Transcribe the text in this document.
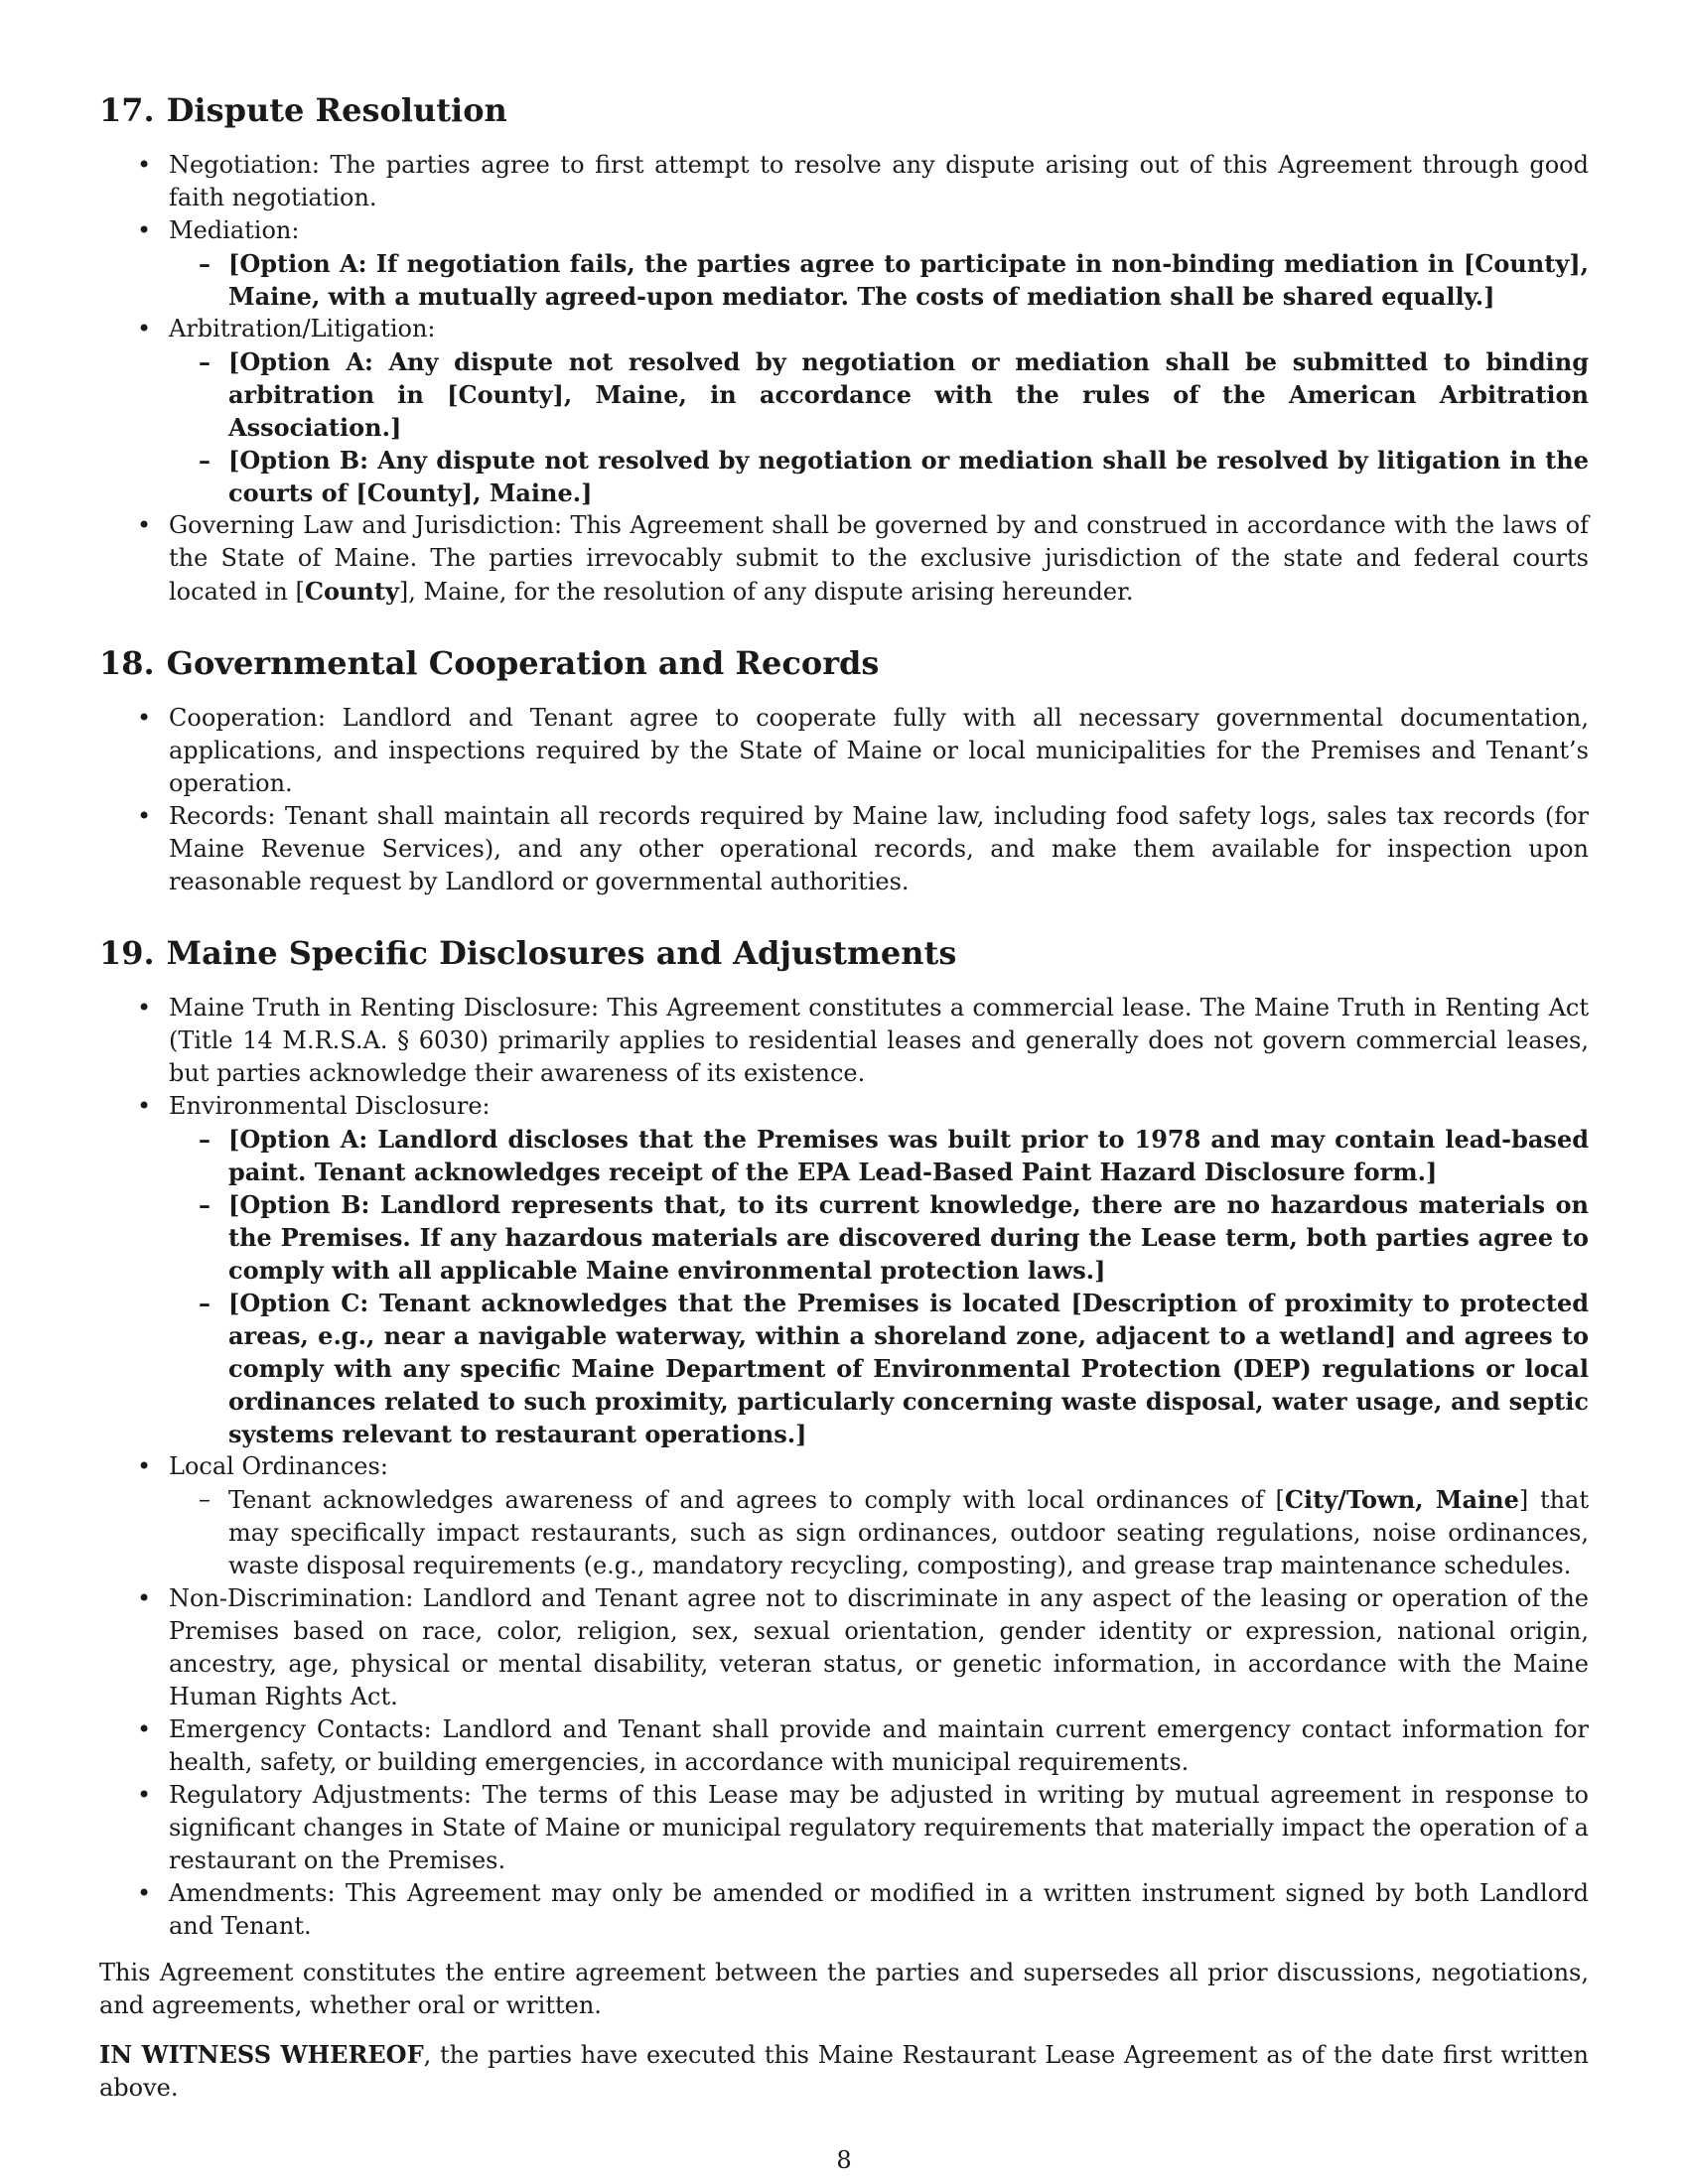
17. Dispute Resolution
• Negotiation: The parties agree to first attempt to resolve any dispute arising out of this Agreement through good faith negotiation.
• Mediation:
– [Option A: If negotiation fails, the parties agree to participate in non-binding mediation in [County], Maine, with a mutually agreed-upon mediator. The costs of mediation shall be shared equally.]
• Arbitration/Litigation:
– [Option A: Any dispute not resolved by negotiation or mediation shall be submitted to binding arbitration in [County], Maine, in accordance with the rules of the American Arbitration Association.]
– [Option B: Any dispute not resolved by negotiation or mediation shall be resolved by litigation in the courts of [County], Maine.]
• Governing Law and Jurisdiction: This Agreement shall be governed by and construed in accordance with the laws of the State of Maine. The parties irrevocably submit to the exclusive jurisdiction of the state and federal courts located in [County], Maine, for the resolution of any dispute arising hereunder.
18. Governmental Cooperation and Records
• Cooperation: Landlord and Tenant agree to cooperate fully with all necessary governmental documentation, applications, and inspections required by the State of Maine or local municipalities for the Premises and Tenant’s operation.
• Records: Tenant shall maintain all records required by Maine law, including food safety logs, sales tax records (for Maine Revenue Services), and any other operational records, and make them available for inspection upon reasonable request by Landlord or governmental authorities.
19. Maine Specific Disclosures and Adjustments
• Maine Truth in Renting Disclosure: This Agreement constitutes a commercial lease. The Maine Truth in Renting Act (Title 14 M.R.S.A. § 6030) primarily applies to residential leases and generally does not govern commercial leases, but parties acknowledge their awareness of its existence.
• Environmental Disclosure:
– [Option A: Landlord discloses that the Premises was built prior to 1978 and may contain lead-based paint. Tenant acknowledges receipt of the EPA Lead-Based Paint Hazard Disclosure form.]
– [Option B: Landlord represents that, to its current knowledge, there are no hazardous materials on the Premises. If any hazardous materials are discovered during the Lease term, both parties agree to comply with all applicable Maine environmental protection laws.]
– [Option C: Tenant acknowledges that the Premises is located [Description of proximity to protected areas, e.g., near a navigable waterway, within a shoreland zone, adjacent to a wetland] and agrees to comply with any specific Maine Department of Environmental Protection (DEP) regulations or local ordinances related to such proximity, particularly concerning waste disposal, water usage, and septic systems relevant to restaurant operations.]
• Local Ordinances:
– Tenant acknowledges awareness of and agrees to comply with local ordinances of [City/Town, Maine] that may specifically impact restaurants, such as sign ordinances, outdoor seating regulations, noise ordinances, waste disposal requirements (e.g., mandatory recycling, composting), and grease trap maintenance schedules.
• Non-Discrimination: Landlord and Tenant agree not to discriminate in any aspect of the leasing or operation of the Premises based on race, color, religion, sex, sexual orientation, gender identity or expression, national origin, ancestry, age, physical or mental disability, veteran status, or genetic information, in accordance with the Maine Human Rights Act.
• Emergency Contacts: Landlord and Tenant shall provide and maintain current emergency contact information for health, safety, or building emergencies, in accordance with municipal requirements.
• Regulatory Adjustments: The terms of this Lease may be adjusted in writing by mutual agreement in response to significant changes in State of Maine or municipal regulatory requirements that materially impact the operation of a restaurant on the Premises.
• Amendments: This Agreement may only be amended or modified in a written instrument signed by both Landlord and Tenant.

This Agreement constitutes the entire agreement between the parties and supersedes all prior discussions, negotiations, and agreements, whether oral or written.

IN WITNESS WHEREOF, the parties have executed this Maine Restaurant Lease Agreement as of the date first written above.

8
